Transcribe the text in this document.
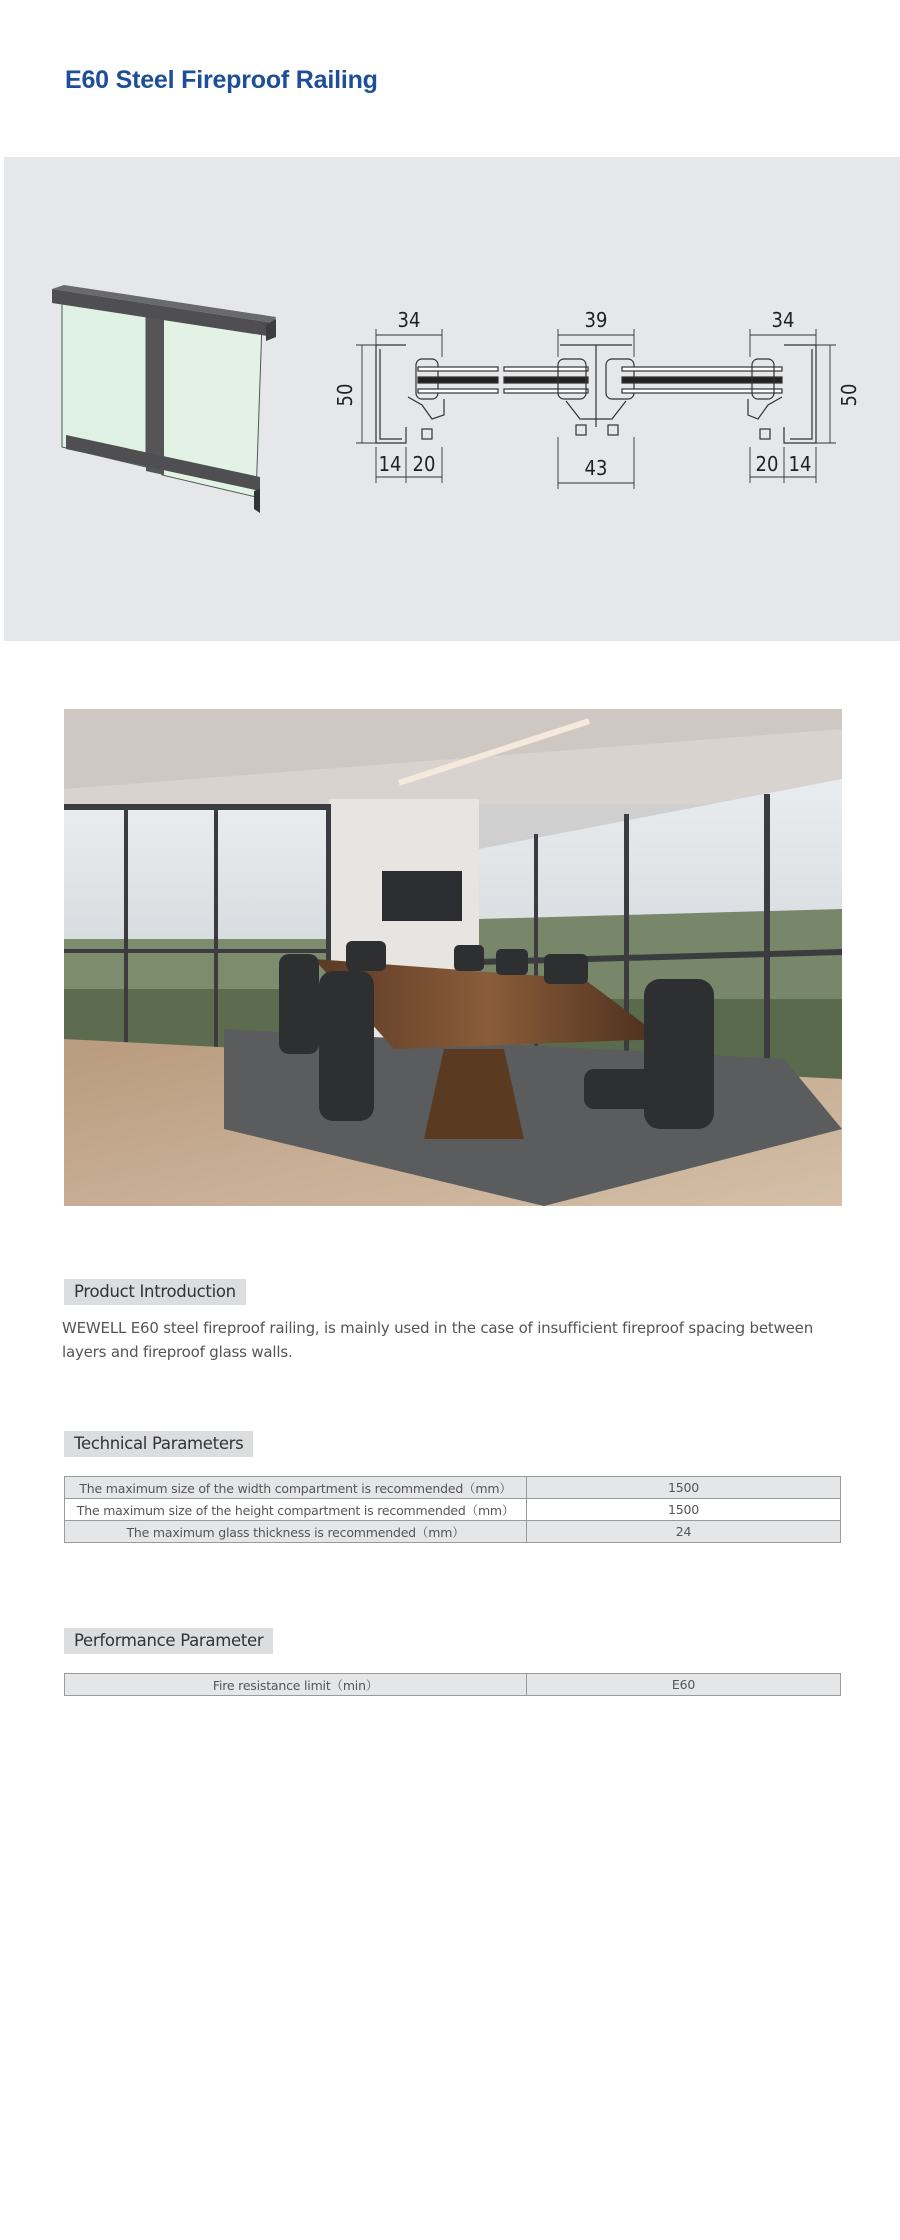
E60 Steel Fireproof Railing
34
50
14 20
39
43
34
50
20 14
Product Introduction

WEWELL E60 steel fireproof railing, is mainly used in the case of insufficient fireproof spacing between layers and fireproof glass walls.

Technical Parameters
The maximum size of the width compartment is recommended（mm）	1500
The maximum size of the height compartment is recommended（mm）	1500
The maximum glass thickness is recommended（mm）	24
Performance Parameter
Fire resistance limit（min）	E60
